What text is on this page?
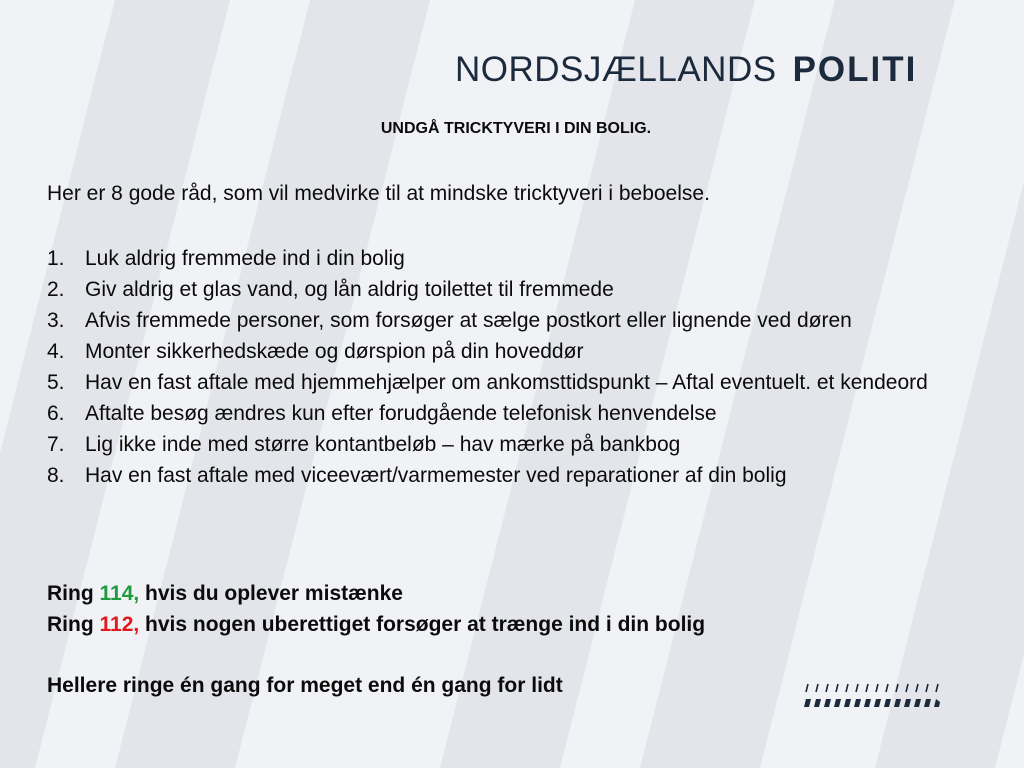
NORDSJÆLLANDS POLITI
UNDGÅ TRICKTYVERI I DIN BOLIG.
Her er 8 gode råd, som vil medvirke til at mindske tricktyveri i beboelse.
1. Luk aldrig fremmede ind i din bolig
2. Giv aldrig et glas vand, og lån aldrig toilettet til fremmede
3. Afvis fremmede personer, som forsøger at sælge postkort eller lignende ved døren
4. Monter sikkerhedskæde og dørspion på din hoveddør
5. Hav en fast aftale med hjemmehjælper om ankomsttidspunkt – Aftal eventuelt. et kendeord
6. Aftalte besøg ændres kun efter forudgående telefonisk henvendelse
7. Lig ikke inde med større kontantbeløb – hav mærke på bankbog
8. Hav en fast aftale med viceevært/varmemester ved reparationer af din bolig
Ring 114, hvis du oplever mistænke
Ring 112, hvis nogen uberettiget forsøger at trænge ind i din bolig
Hellere ringe én gang for meget end én gang for lidt
